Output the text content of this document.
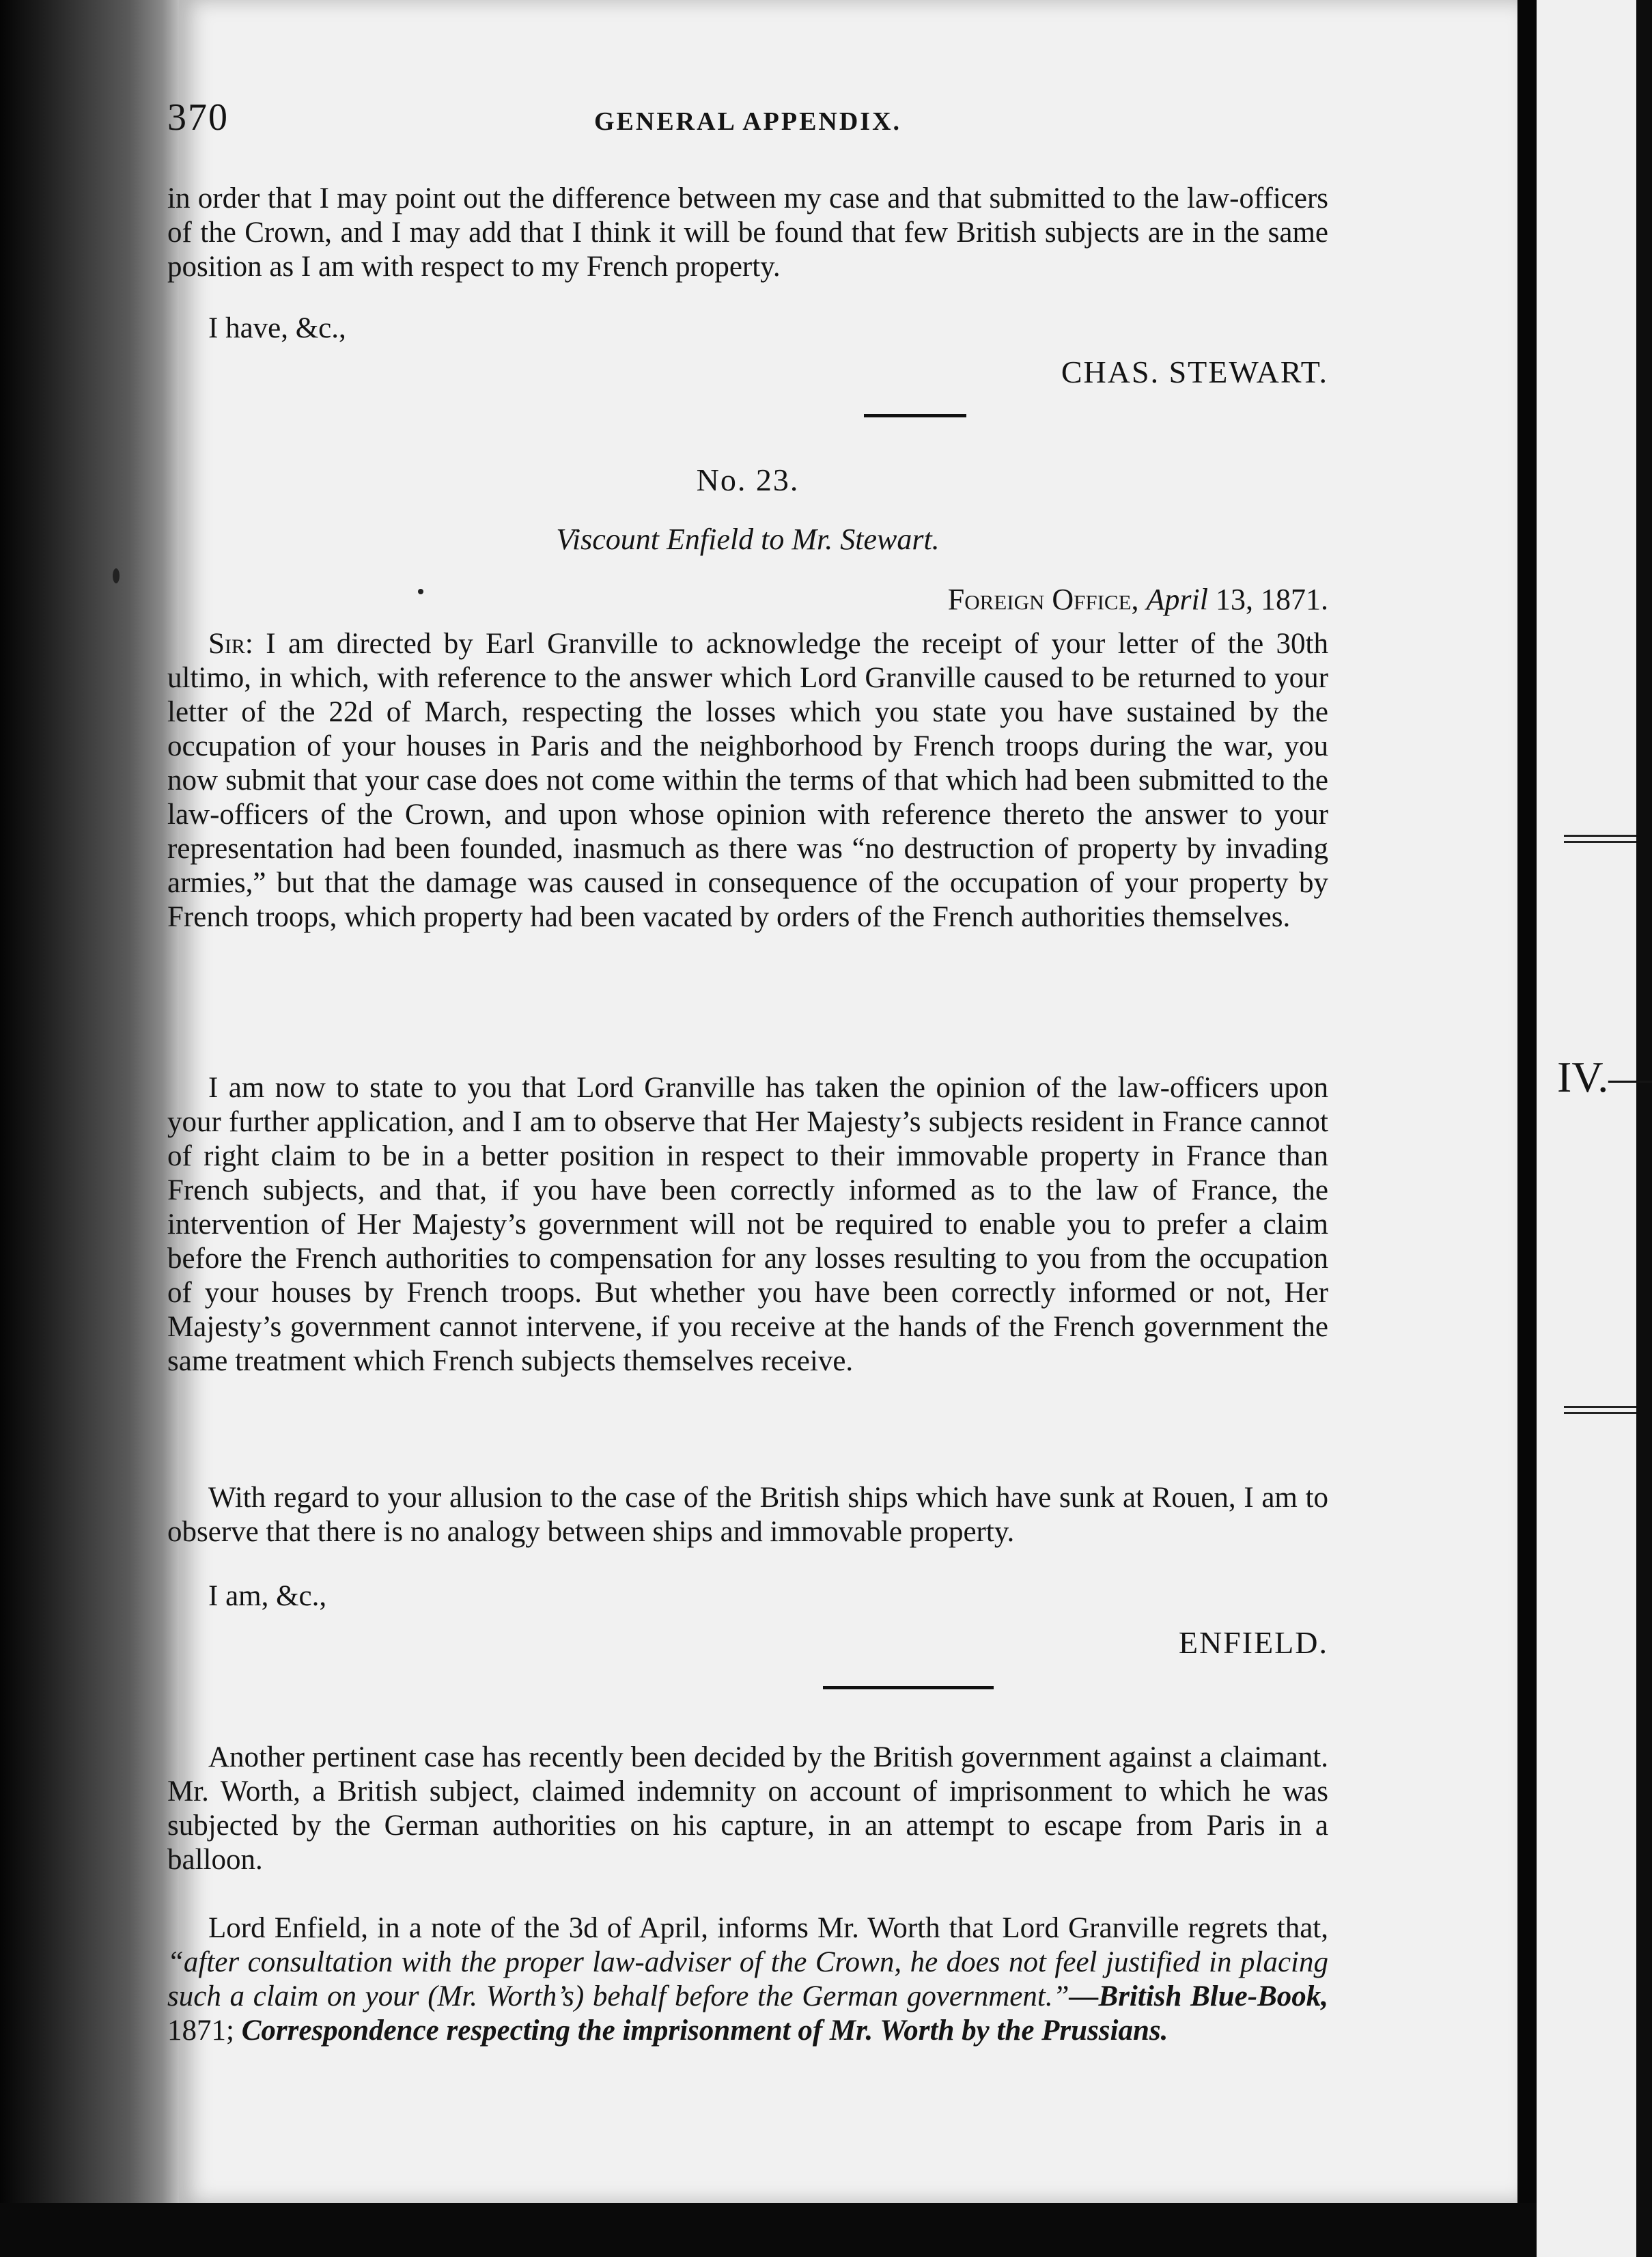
IV.—
370	GENERAL APPENDIX.

in order that I may point out the difference between my case and that submitted to the law-officers of the Crown, and I may add that I think it will be found that few British subjects are in the same position as I am with respect to my French property.

I have, &c.,
CHAS. STEWART.
No. 23.
Viscount Enfield to Mr. Stewart.
Foreign Office, April 13, 1871.

Sir: I am directed by Earl Granville to acknowledge the receipt of your letter of the 30th ultimo, in which, with reference to the answer which Lord Granville caused to be returned to your letter of the 22d of March, respecting the losses which you state you have sustained by the occupation of your houses in Paris and the neighborhood by French troops during the war, you now submit that your case does not come within the terms of that which had been submitted to the law-officers of the Crown, and upon whose opinion with reference thereto the answer to your representation had been founded, inasmuch as there was “no destruction of property by invading armies,” but that the damage was caused in consequence of the occupation of your property by French troops, which property had been vacated by orders of the French authorities themselves.

I am now to state to you that Lord Granville has taken the opinion of the law-officers upon your further application, and I am to observe that Her Majesty’s subjects resident in France cannot of right claim to be in a better position in respect to their immovable property in France than French subjects, and that, if you have been correctly informed as to the law of France, the intervention of Her Majesty’s government will not be required to enable you to prefer a claim before the French authorities to compensation for any losses resulting to you from the occupation of your houses by French troops. But whether you have been correctly informed or not, Her Majesty’s government cannot intervene, if you receive at the hands of the French government the same treatment which French subjects themselves receive.

With regard to your allusion to the case of the British ships which have sunk at Rouen, I am to observe that there is no analogy between ships and immovable property.

I am, &c.,
ENFIELD.

Another pertinent case has recently been decided by the British government against a claimant. Mr. Worth, a British subject, claimed indemnity on account of imprisonment to which he was subjected by the German authorities on his capture, in an attempt to escape from Paris in a balloon.

Lord Enfield, in a note of the 3d of April, informs Mr. Worth that Lord Granville regrets that, “after consultation with the proper law-adviser of the Crown, he does not feel justified in placing such a claim on your (Mr. Worth’s) behalf before the German government.”—British Blue-Book, 1871; Correspondence respecting the imprisonment of Mr. Worth by the Prussians.
